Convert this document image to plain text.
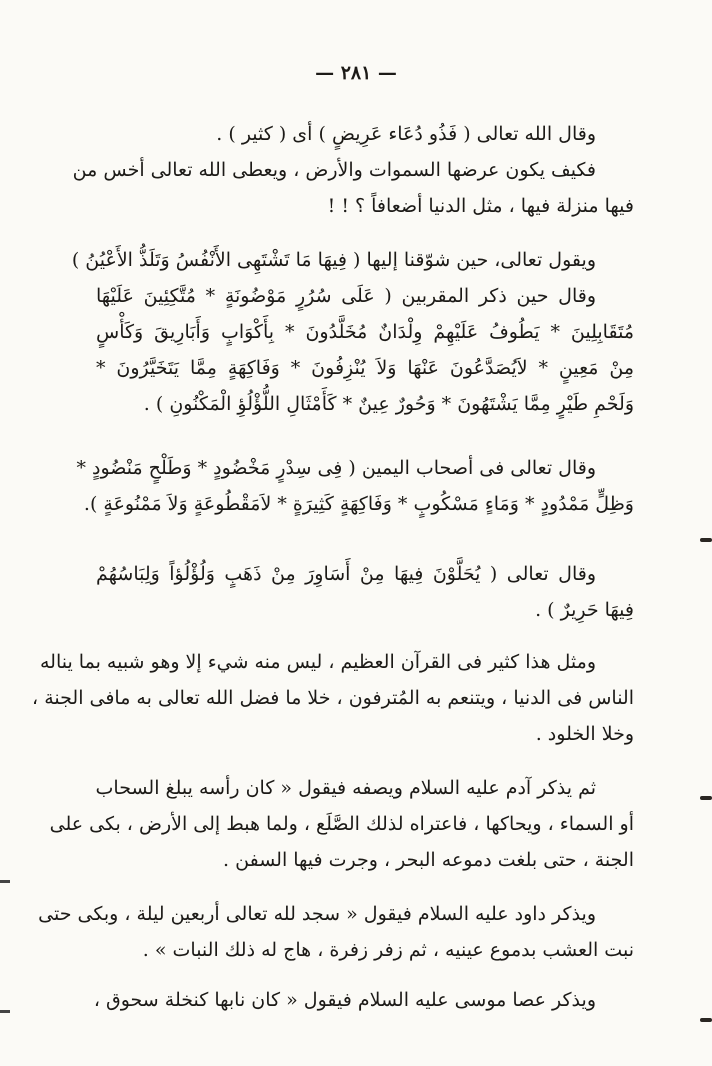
— ٢٨١ —
وقال الله تعالى ( فَذُو دُعَاء عَرِيضٍ ) أى ( كثير ) .
فكيف يكون عرضها السموات والأرض ، ويعطى الله تعالى أخس من
فيها منزلة فيها ، مثل الدنيا أضعافاً ؟ ! !
ويقول تعالى، حين شوّقنا إليها ( فِيهَا مَا تَشْتَهِى الأَنْفُسُ وَتَلَذُّ الأَعْيُنُ )
وقال حين ذكر المقربين ( عَلَى سُرُرٍ مَوْضُونَةٍ * مُتَّكِئِينَ عَلَيْهَا
مُتَقَابِلِينَ * يَطُوفُ عَلَيْهِمْ وِلْدَانٌ مُخَلَّدُونَ * بِأَكْوَابٍ وَأَبَارِيقَ وَكَأْسٍ
مِنْ مَعِينٍ * لاَيُصَدَّعُونَ عَنْهَا وَلاَ يُنْزِفُونَ * وَفَاكِهَةٍ مِمَّا يَتَخَيَّرُونَ *
وَلَحْمِ طَيْرٍ مِمَّا يَشْتَهُونَ * وَحُورٌ عِينٌ * كَأَمْثَالِ اللُّؤْلُؤِ الْمَكْنُونِ ) .
وقال تعالى فى أصحاب اليمين ( فِى سِدْرٍ مَخْضُودٍ * وَطَلْحٍ مَنْضُودٍ *
وَظِلٍّ مَمْدُودٍ * وَمَاءٍ مَسْكُوبٍ * وَفَاكِهَةٍ كَثِيرَةٍ * لاَمَقْطُوعَةٍ وَلاَ مَمْنُوعَةٍ ).
وقال تعالى ( يُحَلَّوْنَ فِيهَا مِنْ أَسَاوِرَ مِنْ ذَهَبٍ وَلُؤْلُؤاً وَلِبَاسُهُمْ
فِيهَا حَرِيرٌ ) .
ومثل هذا كثير فى القرآن العظيم ، ليس منه شيء إلا وهو شبيه بما يناله
الناس فى الدنيا ، ويتنعم به المُترفون ، خلا ما فضل الله تعالى به مافى الجنة ،
وخلا الخلود .
ثم يذكر آدم عليه السلام ويصفه فيقول « كان رأسه يبلغ السحاب
أو السماء ، ويحاكها ، فاعتراه لذلك الصَّلَع ، ولما هبط إلى الأرض ، بكى على
الجنة ، حتى بلغت دموعه البحر ، وجرت فيها السفن .
ويذكر داود عليه السلام فيقول « سجد لله تعالى أربعين ليلة ، وبكى حتى
نبت العشب بدموع عينيه ، ثم زفر زفرة ، هاج له ذلك النبات » .
ويذكر عصا موسى عليه السلام فيقول « كان نابها كنخلة سحوق ،
